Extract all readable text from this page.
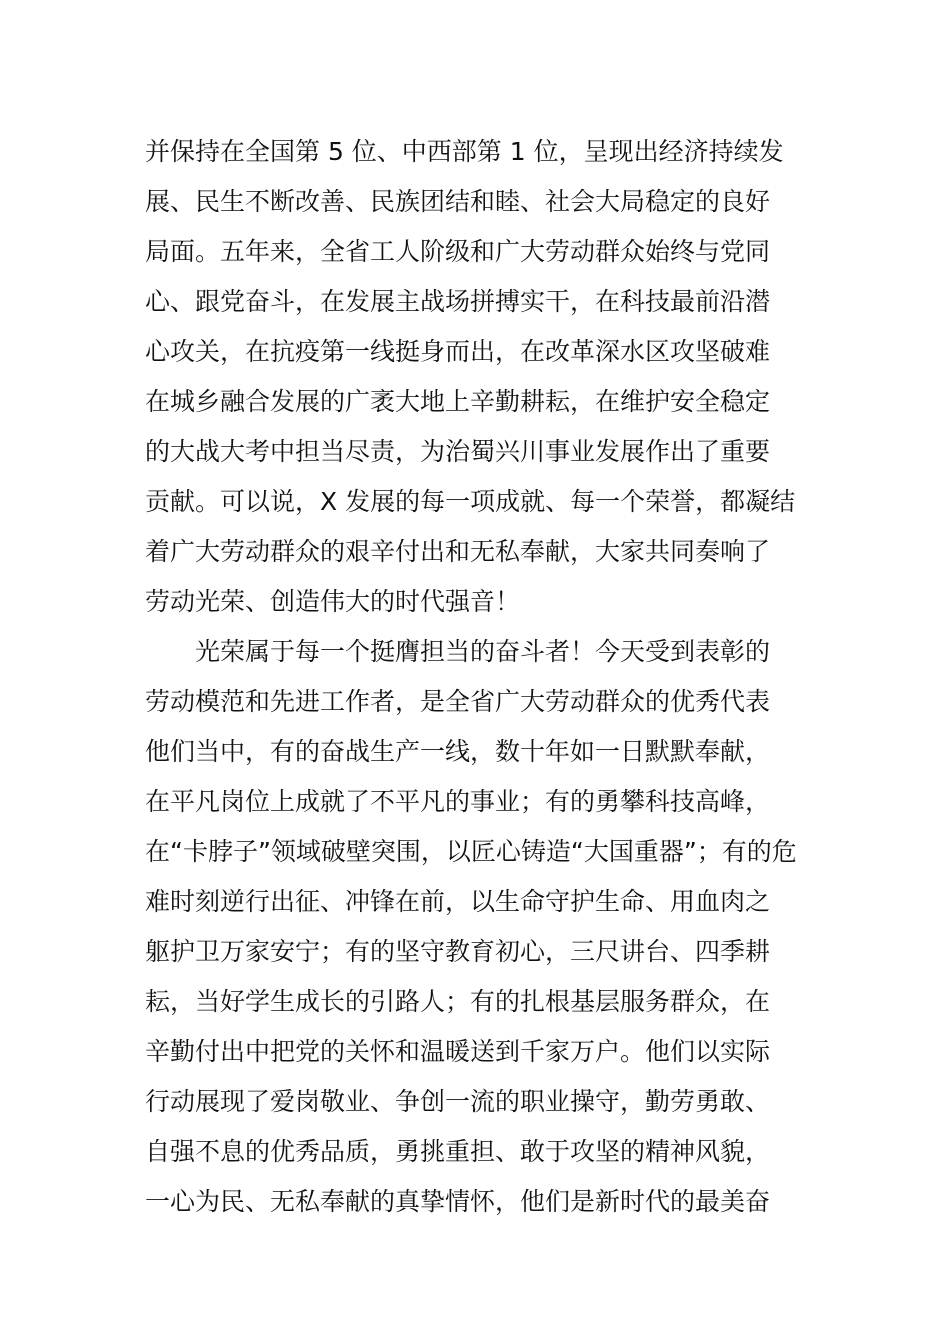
并保持在全国第 5 位、中西部第 1 位，呈现出经济持续发
展、民生不断改善、民族团结和睦、社会大局稳定的良好
局面。五年来，全省工人阶级和广大劳动群众始终与党同
心、跟党奋斗，在发展主战场拼搏实干，在科技最前沿潜
心攻关，在抗疫第一线挺身而出，在改革深水区攻坚破难
在城乡融合发展的广袤大地上辛勤耕耘，在维护安全稳定
的大战大考中担当尽责，为治蜀兴川事业发展作出了重要
贡献。可以说，X 发展的每一项成就、每一个荣誉，都凝结
着广大劳动群众的艰辛付出和无私奉献，大家共同奏响了
劳动光荣、创造伟大的时代强音！
　　光荣属于每一个挺膺担当的奋斗者！今天受到表彰的
劳动模范和先进工作者，是全省广大劳动群众的优秀代表
他们当中，有的奋战生产一线，数十年如一日默默奉献，
在平凡岗位上成就了不平凡的事业；有的勇攀科技高峰，
在“卡脖子”领域破壁突围，以匠心铸造“大国重器”；有的危
难时刻逆行出征、冲锋在前，以生命守护生命、用血肉之
躯护卫万家安宁；有的坚守教育初心，三尺讲台、四季耕
耘，当好学生成长的引路人；有的扎根基层服务群众，在
辛勤付出中把党的关怀和温暖送到千家万户。他们以实际
行动展现了爱岗敬业、争创一流的职业操守，勤劳勇敢、
自强不息的优秀品质，勇挑重担、敢于攻坚的精神风貌，
一心为民、无私奉献的真挚情怀，他们是新时代的最美奋
